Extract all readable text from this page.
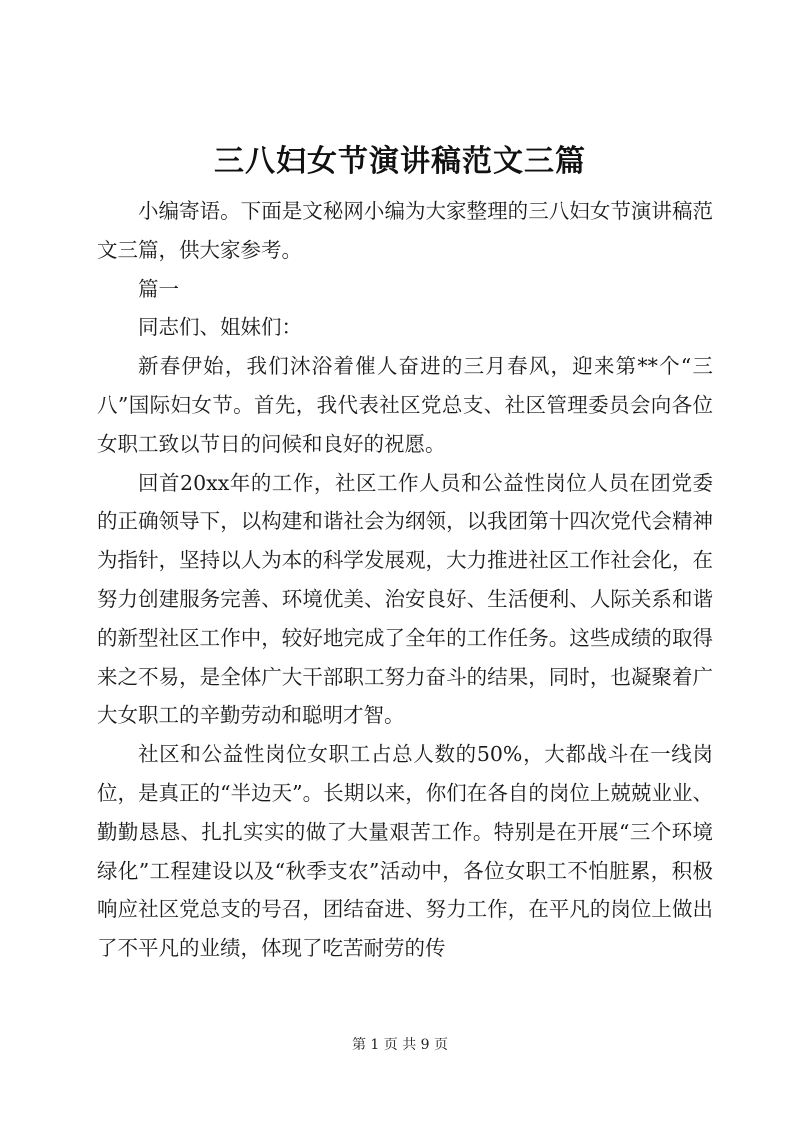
三八妇女节演讲稿范文三篇

小编寄语。下面是文秘网小编为大家整理的三八妇女节演讲稿范文三篇，供大家参考。

篇一

同志们、姐妹们：

新春伊始，我们沐浴着催人奋进的三月春风，迎来第**个“三八”国际妇女节。首先，我代表社区党总支、社区管理委员会向各位女职工致以节日的问候和良好的祝愿。

回首20xx年的工作，社区工作人员和公益性岗位人员在团党委的正确领导下，以构建和谐社会为纲领，以我团第十四次党代会精神为指针，坚持以人为本的科学发展观，大力推进社区工作社会化，在努力创建服务完善、环境优美、治安良好、生活便利、人际关系和谐的新型社区工作中，较好地完成了全年的工作任务。这些成绩的取得来之不易，是全体广大干部职工努力奋斗的结果，同时，也凝聚着广大女职工的辛勤劳动和聪明才智。

社区和公益性岗位女职工占总人数的50%，大都战斗在一线岗位，是真正的“半边天”。长期以来，你们在各自的岗位上兢兢业业、勤勤恳恳、扎扎实实的做了大量艰苦工作。特别是在开展“三个环境绿化”工程建设以及“秋季支农”活动中，各位女职工不怕脏累，积极响应社区党总支的号召，团结奋进、努力工作，在平凡的岗位上做出了不平凡的业绩，体现了吃苦耐劳的传

第 1 页 共 9 页
